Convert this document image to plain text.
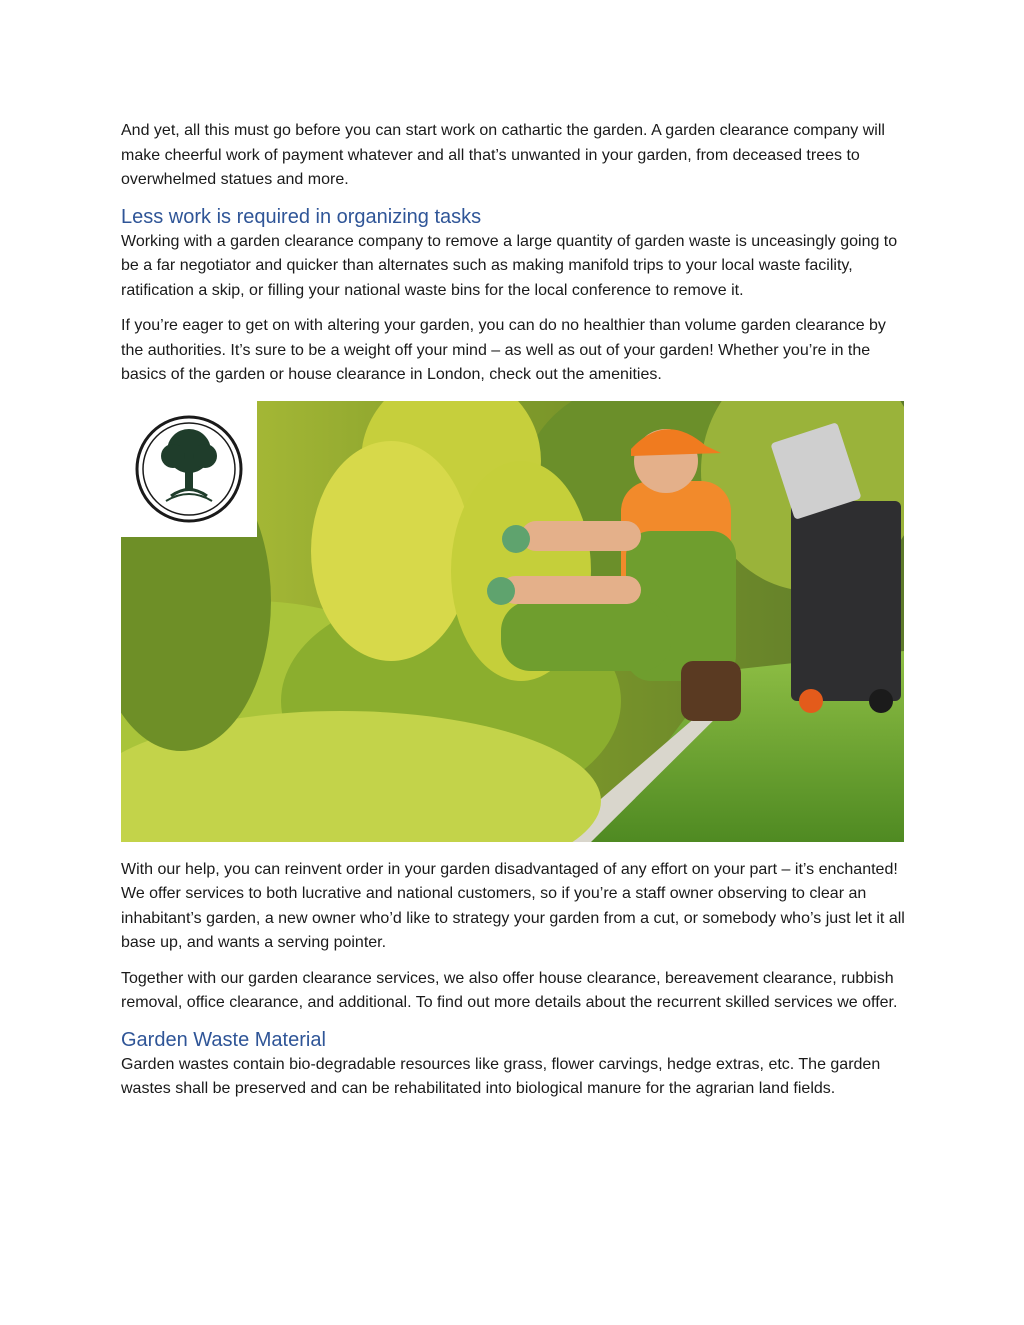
And yet, all this must go before you can start work on cathartic the garden. A garden clearance company will make cheerful work of payment whatever and all that’s unwanted in your garden, from deceased trees to overwhelmed statues and more.

Less work is required in organizing tasks

Working with a garden clearance company to remove a large quantity of garden waste is unceasingly going to be a far negotiator and quicker than alternates such as making manifold trips to your local waste facility, ratification a skip, or filling your national waste bins for the local conference to remove it.

If you’re eager to get on with altering your garden, you can do no healthier than volume garden clearance by the authorities. It’s sure to be a weight off your mind – as well as out of your garden! Whether you’re in the basics of the garden or house clearance in London, check out the amenities.

With our help, you can reinvent order in your garden disadvantaged of any effort on your part – it’s enchanted! We offer services to both lucrative and national customers, so if you’re a staff owner observing to clear an inhabitant’s garden, a new owner who’d like to strategy your garden from a cut, or somebody who’s just let it all base up, and wants a serving pointer.

Together with our garden clearance services, we also offer house clearance, bereavement clearance, rubbish removal, office clearance, and additional. To find out more details about the recurrent skilled services we offer.

Garden Waste Material

Garden wastes contain bio-degradable resources like grass, flower carvings, hedge extras, etc. The garden wastes shall be preserved and can be rehabilitated into biological manure for the agrarian land fields.
